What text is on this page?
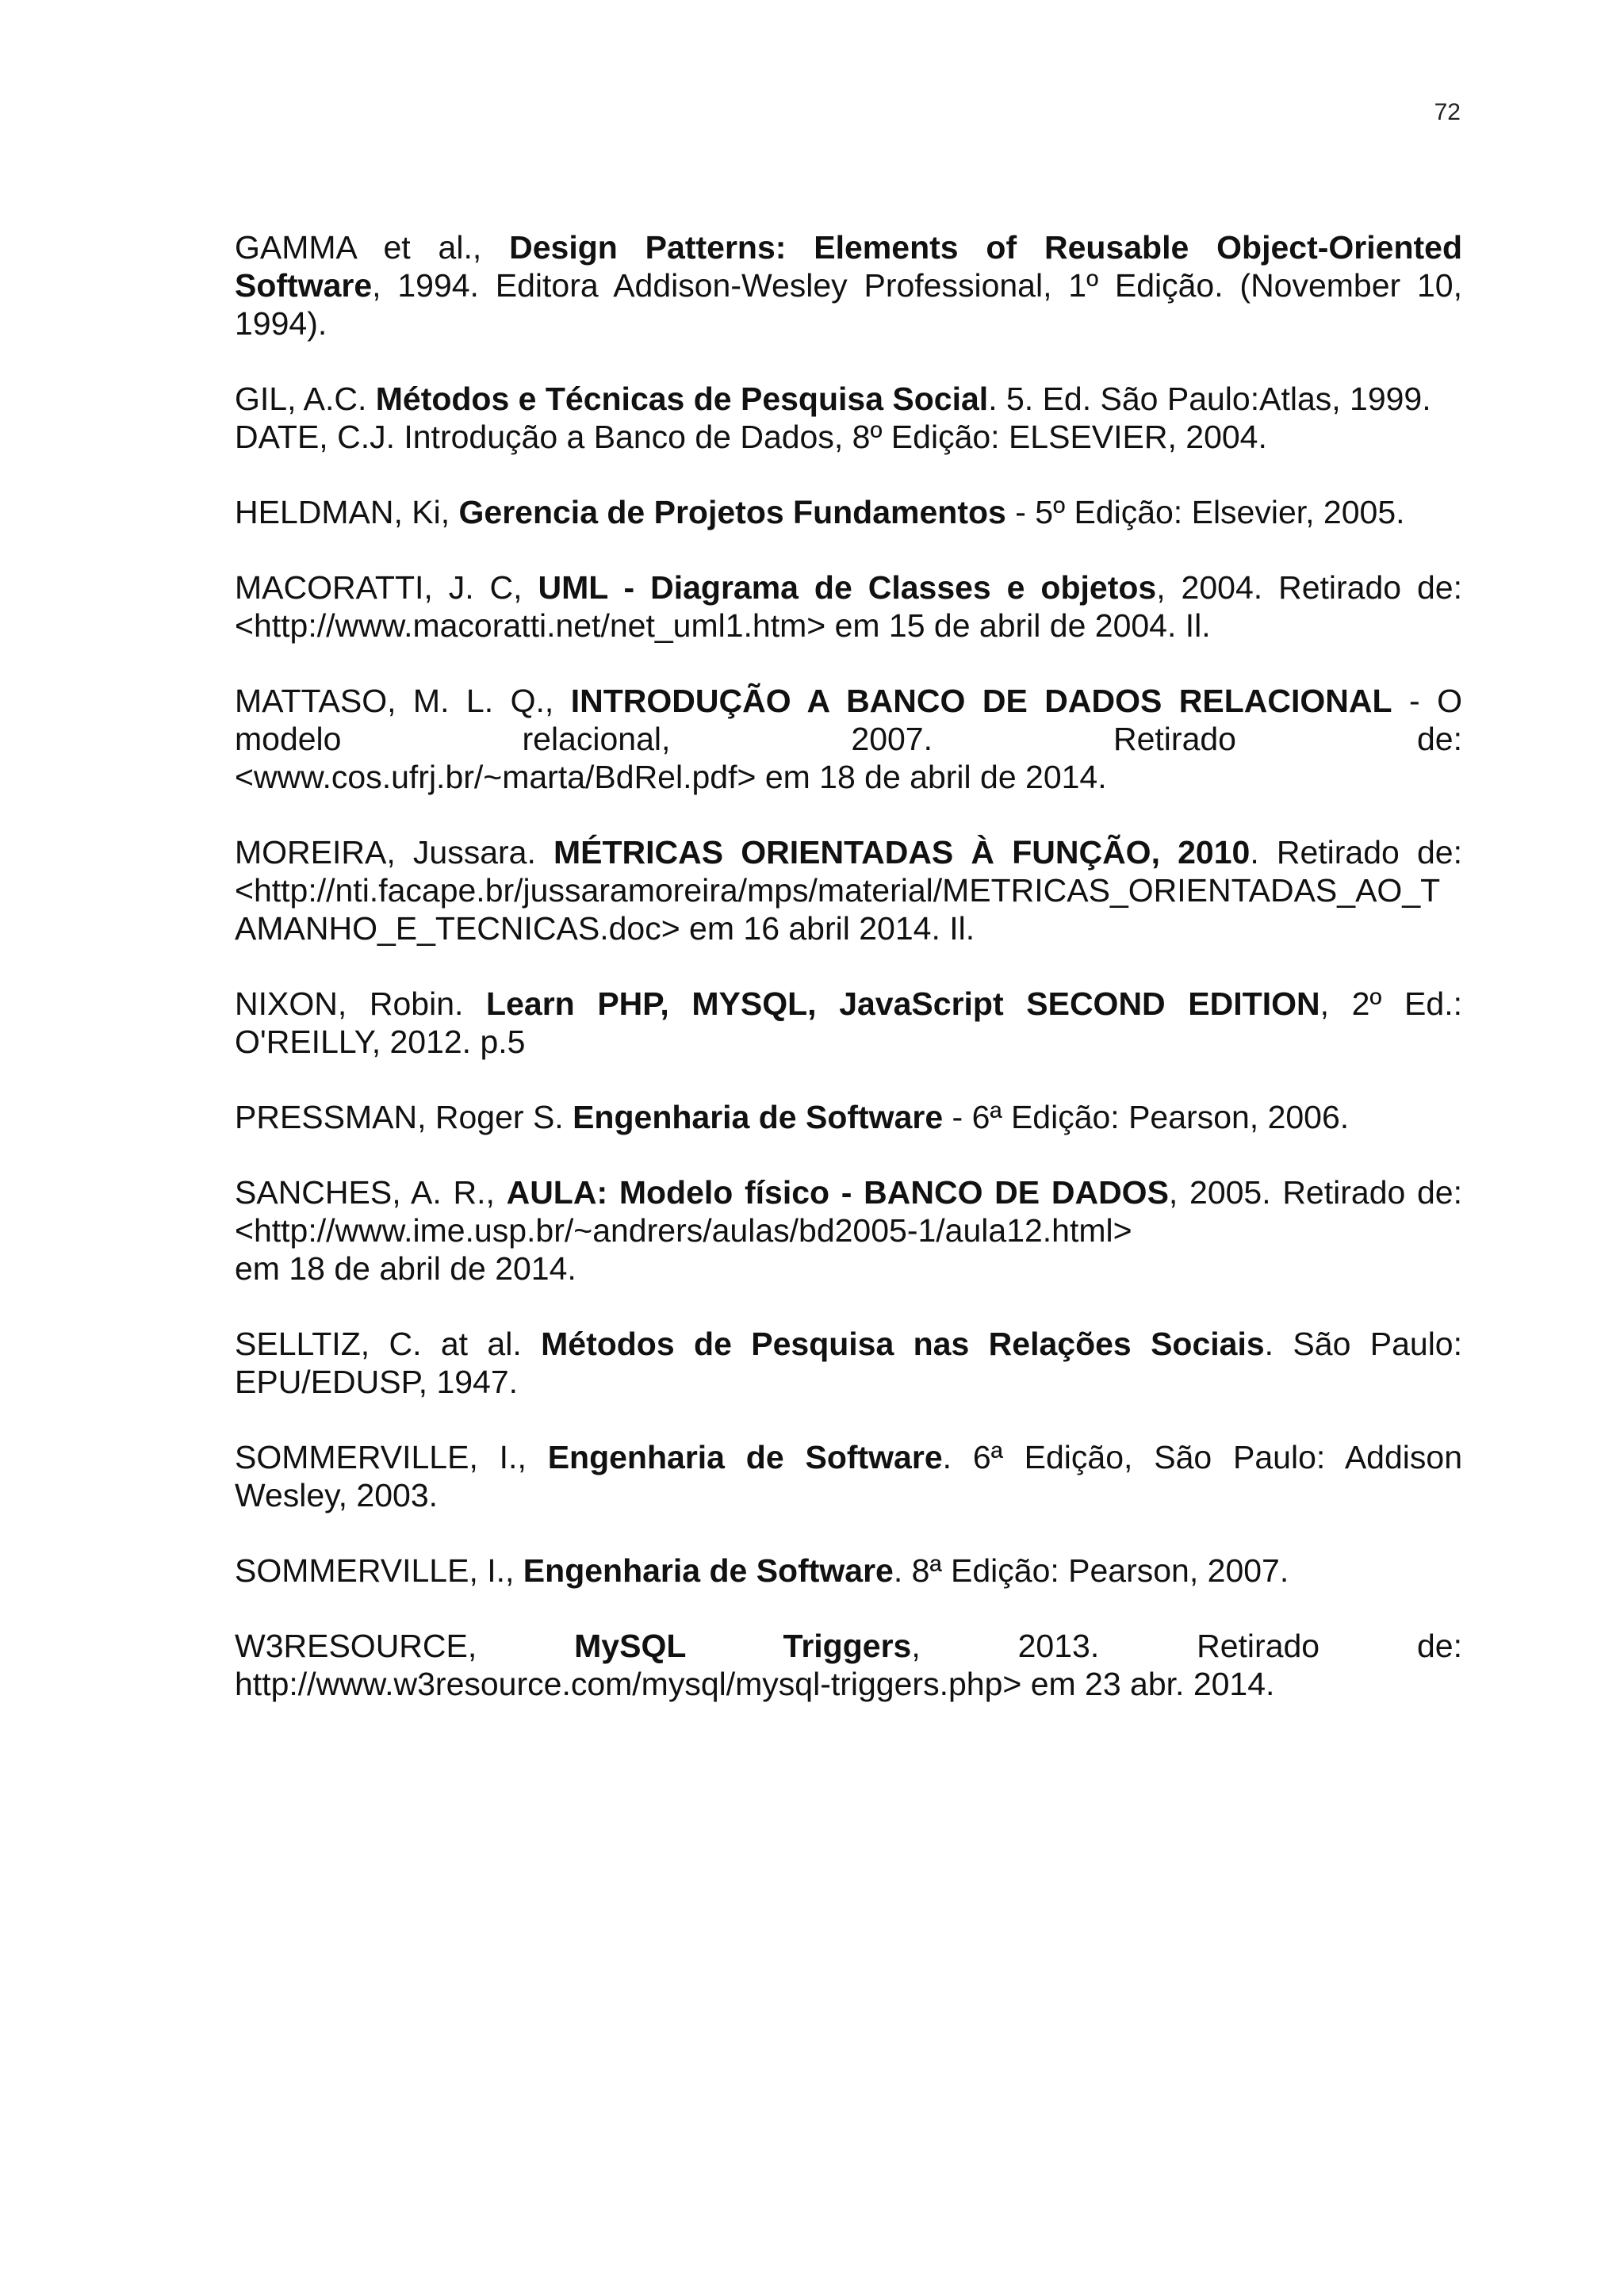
72

GAMMA et al., Design Patterns: Elements of Reusable Object-Oriented Software, 1994. Editora Addison-Wesley Professional, 1º Edição. (November 10, 1994).

GIL, A.C. Métodos e Técnicas de Pesquisa Social. 5. Ed. São Paulo:Atlas, 1999.

DATE, C.J. Introdução a Banco de Dados, 8º Edição: ELSEVIER, 2004.

HELDMAN, Ki, Gerencia de Projetos Fundamentos - 5º Edição: Elsevier, 2005.

MACORATTI, J. C, UML - Diagrama de Classes e objetos, 2004. Retirado de: <http://www.macoratti.net/net_uml1.htm> em 15 de abril de 2004. Il.

MATTASO, M. L. Q., INTRODUÇÃO A BANCO DE DADOS RELACIONAL - O
modelo relacional, 2007. Retirado de:
<www.cos.ufrj.br/~marta/BdRel.pdf> em 18 de abril de 2014.

MOREIRA, Jussara. MÉTRICAS ORIENTADAS À FUNÇÃO, 2010. Retirado de:
<http://nti.facape.br/jussaramoreira/mps/material/METRICAS_ORIENTADAS_AO_T
AMANHO_E_TECNICAS.doc> em 16 abril 2014. Il.

NIXON, Robin. Learn PHP, MYSQL, JavaScript SECOND EDITION, 2º Ed.: O'REILLY, 2012. p.5

PRESSMAN, Roger S. Engenharia de Software - 6ª Edição: Pearson, 2006.

SANCHES, A. R., AULA: Modelo físico - BANCO DE DADOS, 2005. Retirado de:
<http://www.ime.usp.br/~andrers/aulas/bd2005-1/aula12.html>
em 18 de abril de 2014.

SELLTIZ, C. at al. Métodos de Pesquisa nas Relações Sociais. São Paulo: EPU/EDUSP, 1947.

SOMMERVILLE, I., Engenharia de Software. 6ª Edição, São Paulo: Addison Wesley, 2003.

SOMMERVILLE, I., Engenharia de Software. 8ª Edição: Pearson, 2007.

W3RESOURCE, MySQL Triggers, 2013. Retirado de:
http://www.w3resource.com/mysql/mysql-triggers.php> em 23 abr. 2014.
